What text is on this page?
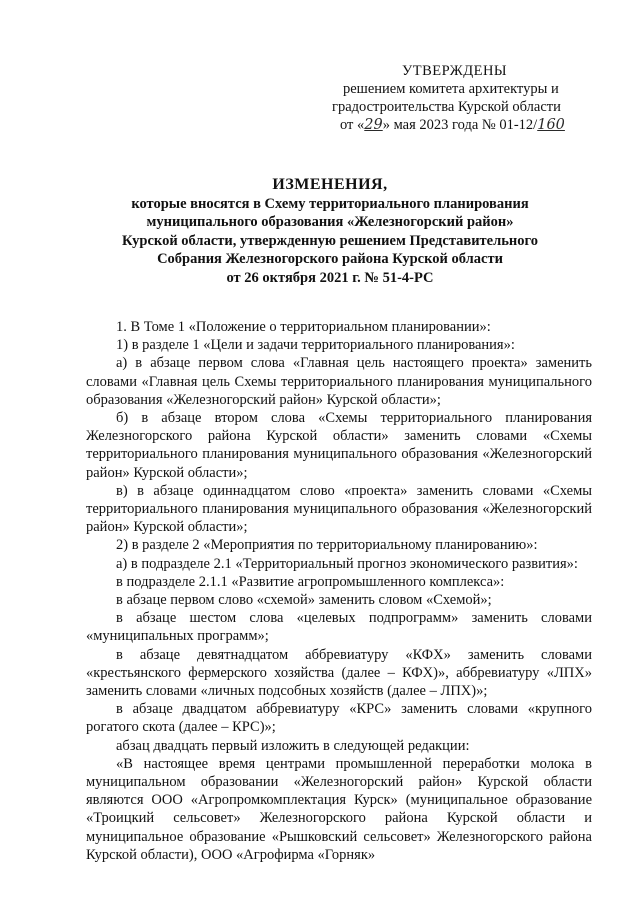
УТВЕРЖДЕНЫ
решением комитета архитектуры и
градостроительства Курской области
от «29» мая 2023 года № 01-12/160
ИЗМЕНЕНИЯ,
которые вносятся в Схему территориального планирования
муниципального образования «Железногорский район»
Курской области, утвержденную решением Представительного
Собрания Железногорского района Курской области
от 26 октября 2021 г. № 51-4-РС

1. В Томе 1 «Положение о территориальном планировании»:

1) в разделе 1 «Цели и задачи территориального планирования»:

а) в абзаце первом слова «Главная цель настоящего проекта» заменить словами «Главная цель Схемы территориального планирования муниципального образования «Железногорский район» Курской области»;

б) в абзаце втором слова «Схемы территориального планирования Железногорского района Курской области» заменить словами «Схемы территориального планирования муниципального образования «Железногорский район» Курской области»;

в) в абзаце одиннадцатом слово «проекта» заменить словами «Схемы территориального планирования муниципального образования «Железногорский район» Курской области»;

2) в разделе 2 «Мероприятия по территориальному планированию»:

а) в подразделе 2.1 «Территориальный прогноз экономического развития»:

в подразделе 2.1.1 «Развитие агропромышленного комплекса»:

в абзаце первом слово «схемой» заменить словом «Схемой»;

в абзаце шестом слова «целевых подпрограмм» заменить словами «муниципальных программ»;

в абзаце девятнадцатом аббревиатуру «КФХ» заменить словами «крестьянского фермерского хозяйства (далее – КФХ)», аббревиатуру «ЛПХ» заменить словами «личных подсобных хозяйств (далее – ЛПХ)»;

в абзаце двадцатом аббревиатуру «КРС» заменить словами «крупного рогатого скота (далее – КРС)»;

абзац двадцать первый изложить в следующей редакции:

«В настоящее время центрами промышленной переработки молока в муниципальном образовании «Железногорский район» Курской области являются ООО «Агропромкомплектация Курск» (муниципальное образование «Троицкий сельсовет» Железногорского района Курской области и муниципальное образование «Рышковский сельсовет» Железногорского района Курской области), ООО «Агрофирма «Горняк»
